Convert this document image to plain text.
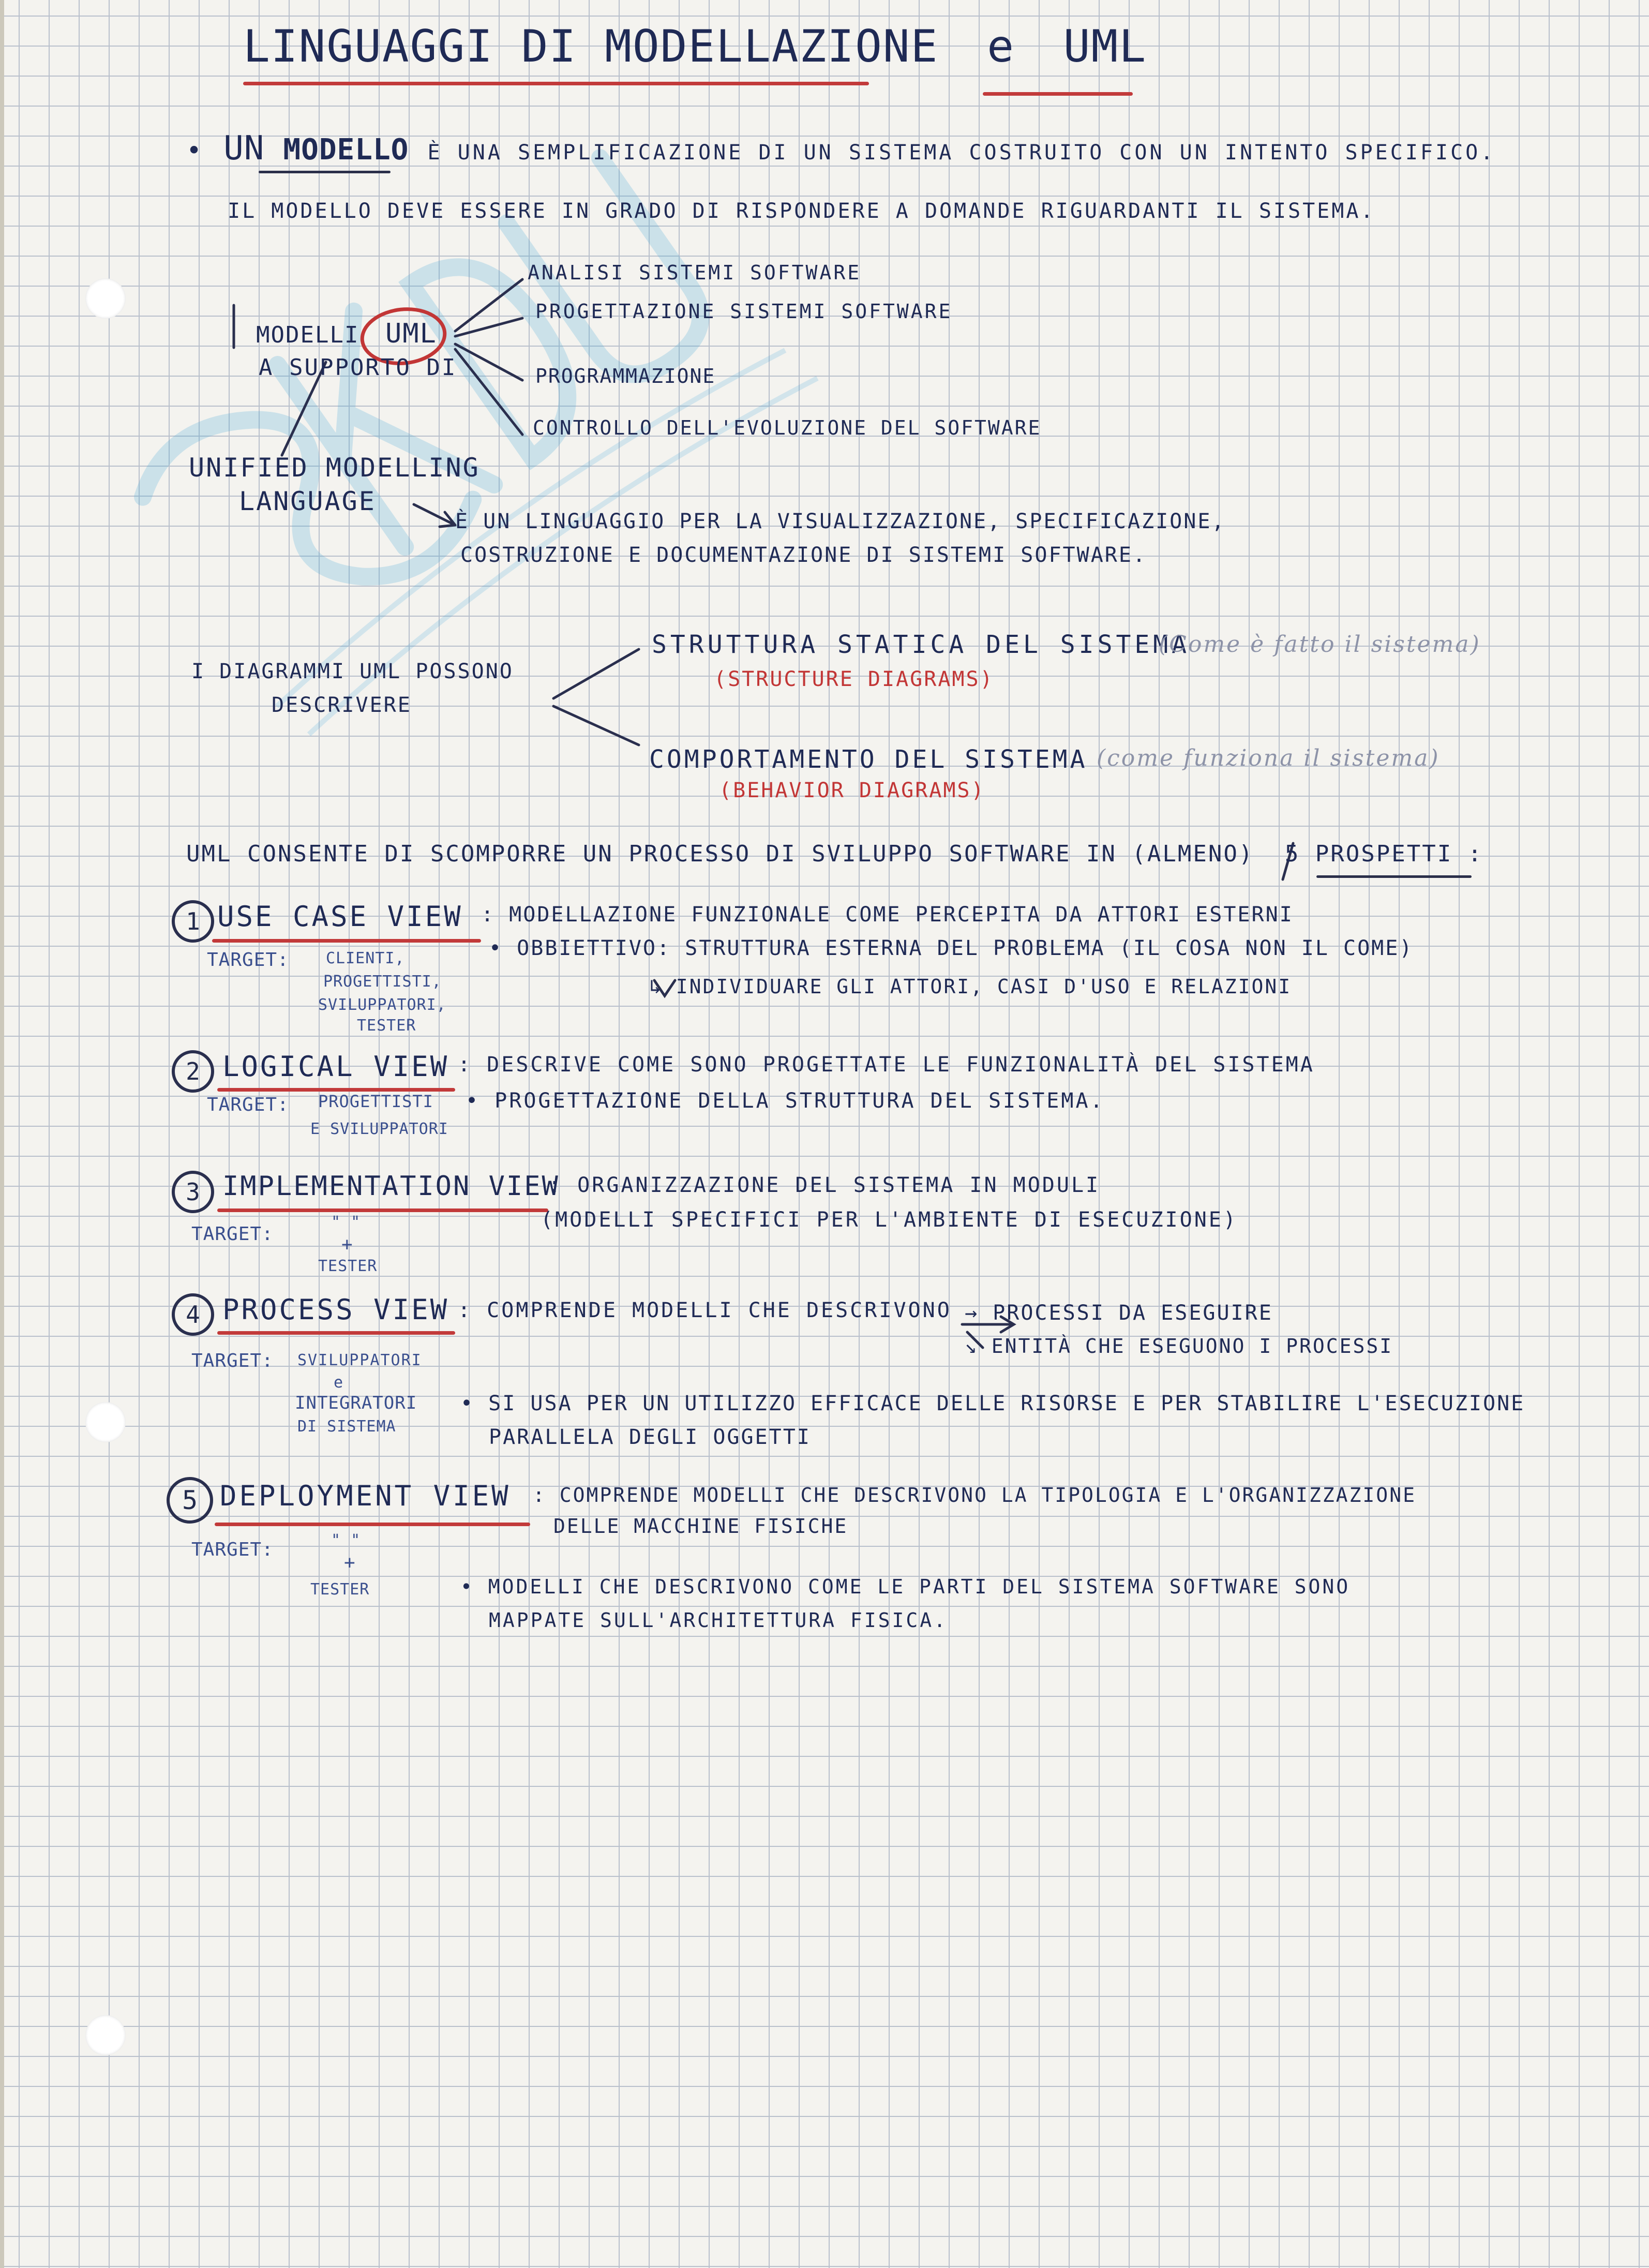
LINGUAGGI DI MODELLAZIONE e UML
• UN MODELLO È UNA SEMPLIFICAZIONE DI UN SISTEMA COSTRUITO CON UN INTENTO SPECIFICO.
IL MODELLO DEVE ESSERE IN GRADO DI RISPONDERE A DOMANDE RIGUARDANTI IL SISTEMA.
MODELLI UML
A SUPPORTO DI
ANALISI SISTEMI SOFTWARE
PROGETTAZIONE SISTEMI SOFTWARE
PROGRAMMAZIONE
CONTROLLO DELL'EVOLUZIONE DEL SOFTWARE
UNIFIED MODELLING
LANGUAGE
È UN LINGUAGGIO PER LA VISUALIZZAZIONE, SPECIFICAZIONE,
COSTRUZIONE E DOCUMENTAZIONE DI SISTEMI SOFTWARE.
I DIAGRAMMI UML POSSONO
DESCRIVERE
STRUTTURA STATICA DEL SISTEMA
(Come è fatto il sistema)
(STRUCTURE DIAGRAMS)
COMPORTAMENTO DEL SISTEMA (come funziona il sistema)
(BEHAVIOR DIAGRAMS)
UML CONSENTE DI SCOMPORRE UN PROCESSO DI SVILUPPO SOFTWARE IN (ALMENO) 5 PROSPETTI :
1 USE CASE VIEW : MODELLAZIONE FUNZIONALE COME PERCEPITA DA ATTORI ESTERNI
• OBBIETTIVO: STRUTTURA ESTERNA DEL PROBLEMA (IL COSA NON IL COME)
↳ INDIVIDUARE GLI ATTORI, CASI D'USO E RELAZIONI
TARGET: CLIENTI,
PROGETTISTI,
SVILUPPATORI,
TESTER
2 LOGICAL VIEW : DESCRIVE COME SONO PROGETTATE LE FUNZIONALITÀ DEL SISTEMA
• PROGETTAZIONE DELLA STRUTTURA DEL SISTEMA.
TARGET: PROGETTISTI
E SVILUPPATORI
3 IMPLEMENTATION VIEW
: ORGANIZZAZIONE DEL SISTEMA IN MODULI
(MODELLI SPECIFICI PER L'AMBIENTE DI ESECUZIONE)
TARGET:
" "
+
TESTER
4 PROCESS VIEW : COMPRENDE MODELLI CHE DESCRIVONO → PROCESSI DA ESEGUIRE
↘ ENTITÀ CHE ESEGUONO I PROCESSI
• SI USA PER UN UTILIZZO EFFICACE DELLE RISORSE E PER STABILIRE L'ESECUZIONE
PARALLELA DEGLI OGGETTI
TARGET: SVILUPPATORI
e
INTEGRATORI
DI SISTEMA
5 DEPLOYMENT VIEW : COMPRENDE MODELLI CHE DESCRIVONO LA TIPOLOGIA E L'ORGANIZZAZIONE
DELLE MACCHINE FISICHE
• MODELLI CHE DESCRIVONO COME LE PARTI DEL SISTEMA SOFTWARE SONO
MAPPATE SULL'ARCHITETTURA FISICA.
TARGET:	" "
+
TESTER
